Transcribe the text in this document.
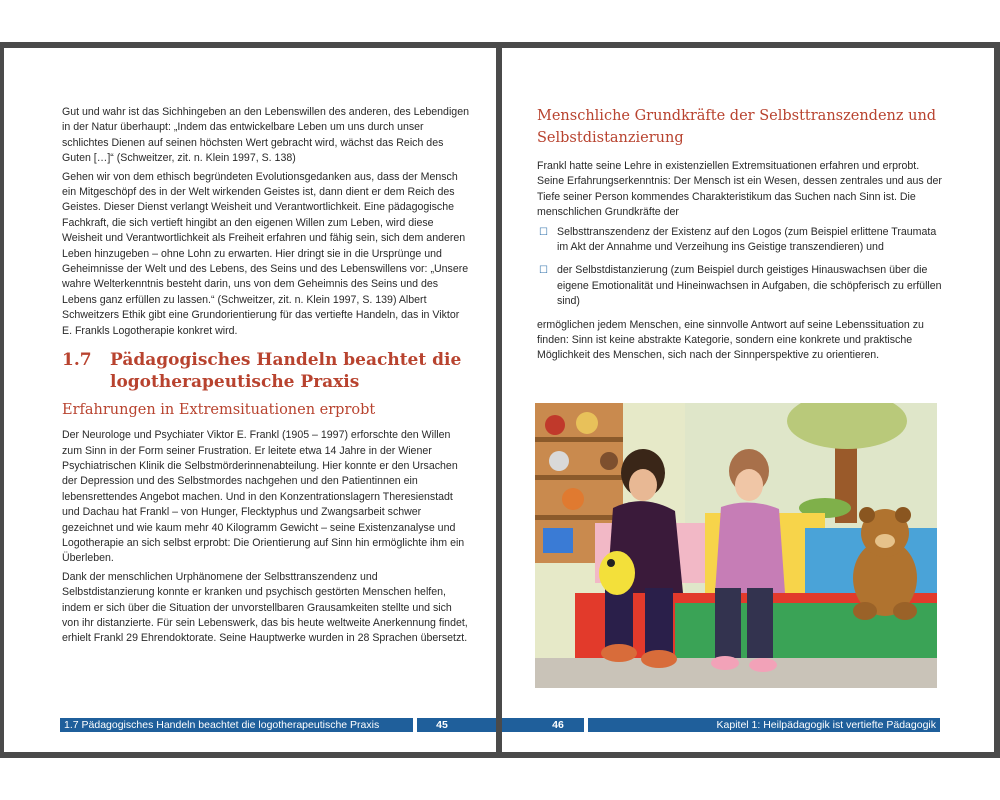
Gut und wahr ist das Sichhingeben an den Lebenswillen des anderen, des Lebendigen in der Natur überhaupt: „Indem das entwickelbare Leben um uns durch unser schlichtes Dienen auf seinen höchsten Wert gebracht wird, wächst das Reich des Guten […]“ (Schweitzer, zit. n. Klein 1997, S. 138)

Gehen wir von dem ethisch begründeten Evolutionsgedanken aus, dass der Mensch ein Mitgeschöpf des in der Welt wirkenden Geistes ist, dann dient er dem Reich des Geistes. Dieser Dienst verlangt Weisheit und Verantwortlichkeit. Eine pädagogische Fachkraft, die sich vertieft hingibt an den eigenen Willen zum Leben, wird diese Weisheit und Verantwortlichkeit als Freiheit erfahren und fähig sein, sich dem anderen Leben hinzugeben – ohne Lohn zu erwarten. Hier dringt sie in die Ursprünge und Geheimnisse der Welt und des Lebens, des Seins und des Lebenswillens vor: „Unsere wahre Welterkenntnis besteht darin, uns von dem Geheimnis des Seins und des Lebens ganz erfüllen zu lassen.“ (Schweitzer, zit. n. Klein 1997, S. 139) Albert Schweitzers Ethik gibt eine Grundorientierung für das vertiefte Handeln, das in Viktor E. Frankls Logotherapie konkret wird.

1.7	Pädagogisches Handeln beachtet die logotherapeutische Praxis
Erfahrungen in Extremsituationen erprobt

Der Neurologe und Psychiater Viktor E. Frankl (1905 – 1997) erforschte den Willen zum Sinn in der Form seiner Frustration. Er leitete etwa 14 Jahre in der Wiener Psychiatrischen Klinik die Selbstmörderinnenabteilung. Hier konnte er den Ursachen der Depression und des Selbstmordes nachgehen und den Patientinnen ein lebensrettendes Angebot machen. Und in den Konzentrationslagern Theresienstadt und Dachau hat Frankl – von Hunger, Flecktyphus und Zwangsarbeit schwer gezeichnet und wie kaum mehr 40 Kilogramm Gewicht – seine Existenzanalyse und Logotherapie an sich selbst erprobt: Die Orientierung auf Sinn hin ermöglichte ihm ein Überleben.

Dank der menschlichen Urphänomene der Selbsttranszendenz und Selbstdistanzierung konnte er kranken und psychisch gestörten Menschen helfen, indem er sich über die Situation der unvorstellbaren Grausamkeiten stellte und sich von ihr distanzierte. Für sein Lebenswerk, das bis heute weltweite Anerkennung findet, erhielt Frankl 29 Ehrendoktorate. Seine Hauptwerke wurden in 28 Sprachen übersetzt.

1.7 Pädagogisches Handeln beachtet die logotherapeutische Praxis	45
Menschliche Grundkräfte der Selbsttranszendenz und Selbstdistanzierung

Frankl hatte seine Lehre in existenziellen Extremsituationen erfahren und erprobt. Seine Erfahrungserkenntnis: Der Mensch ist ein Wesen, dessen zentrales und aus der Tiefe seiner Person kommendes Charakteristikum das Suchen nach Sinn ist. Die menschlichen Grundkräfte der

☐ Selbsttranszendenz der Existenz auf den Logos (zum Beispiel erlittene Traumata im Akt der Annahme und Verzeihung ins Geistige transzendieren) und
☐ der Selbstdistanzierung (zum Beispiel durch geistiges Hinauswachsen über die eigene Emotionalität und Hineinwachsen in Aufgaben, die schöpferisch zu erfüllen sind)

ermöglichen jedem Menschen, eine sinnvolle Antwort auf seine Lebenssituation zu finden: Sinn ist keine abstrakte Kategorie, sondern eine konkrete und praktische Möglichkeit des Menschen, sich nach der Sinnperspektive zu orientieren.

46	Kapitel 1: Heilpädagogik ist vertiefte Pädagogik
